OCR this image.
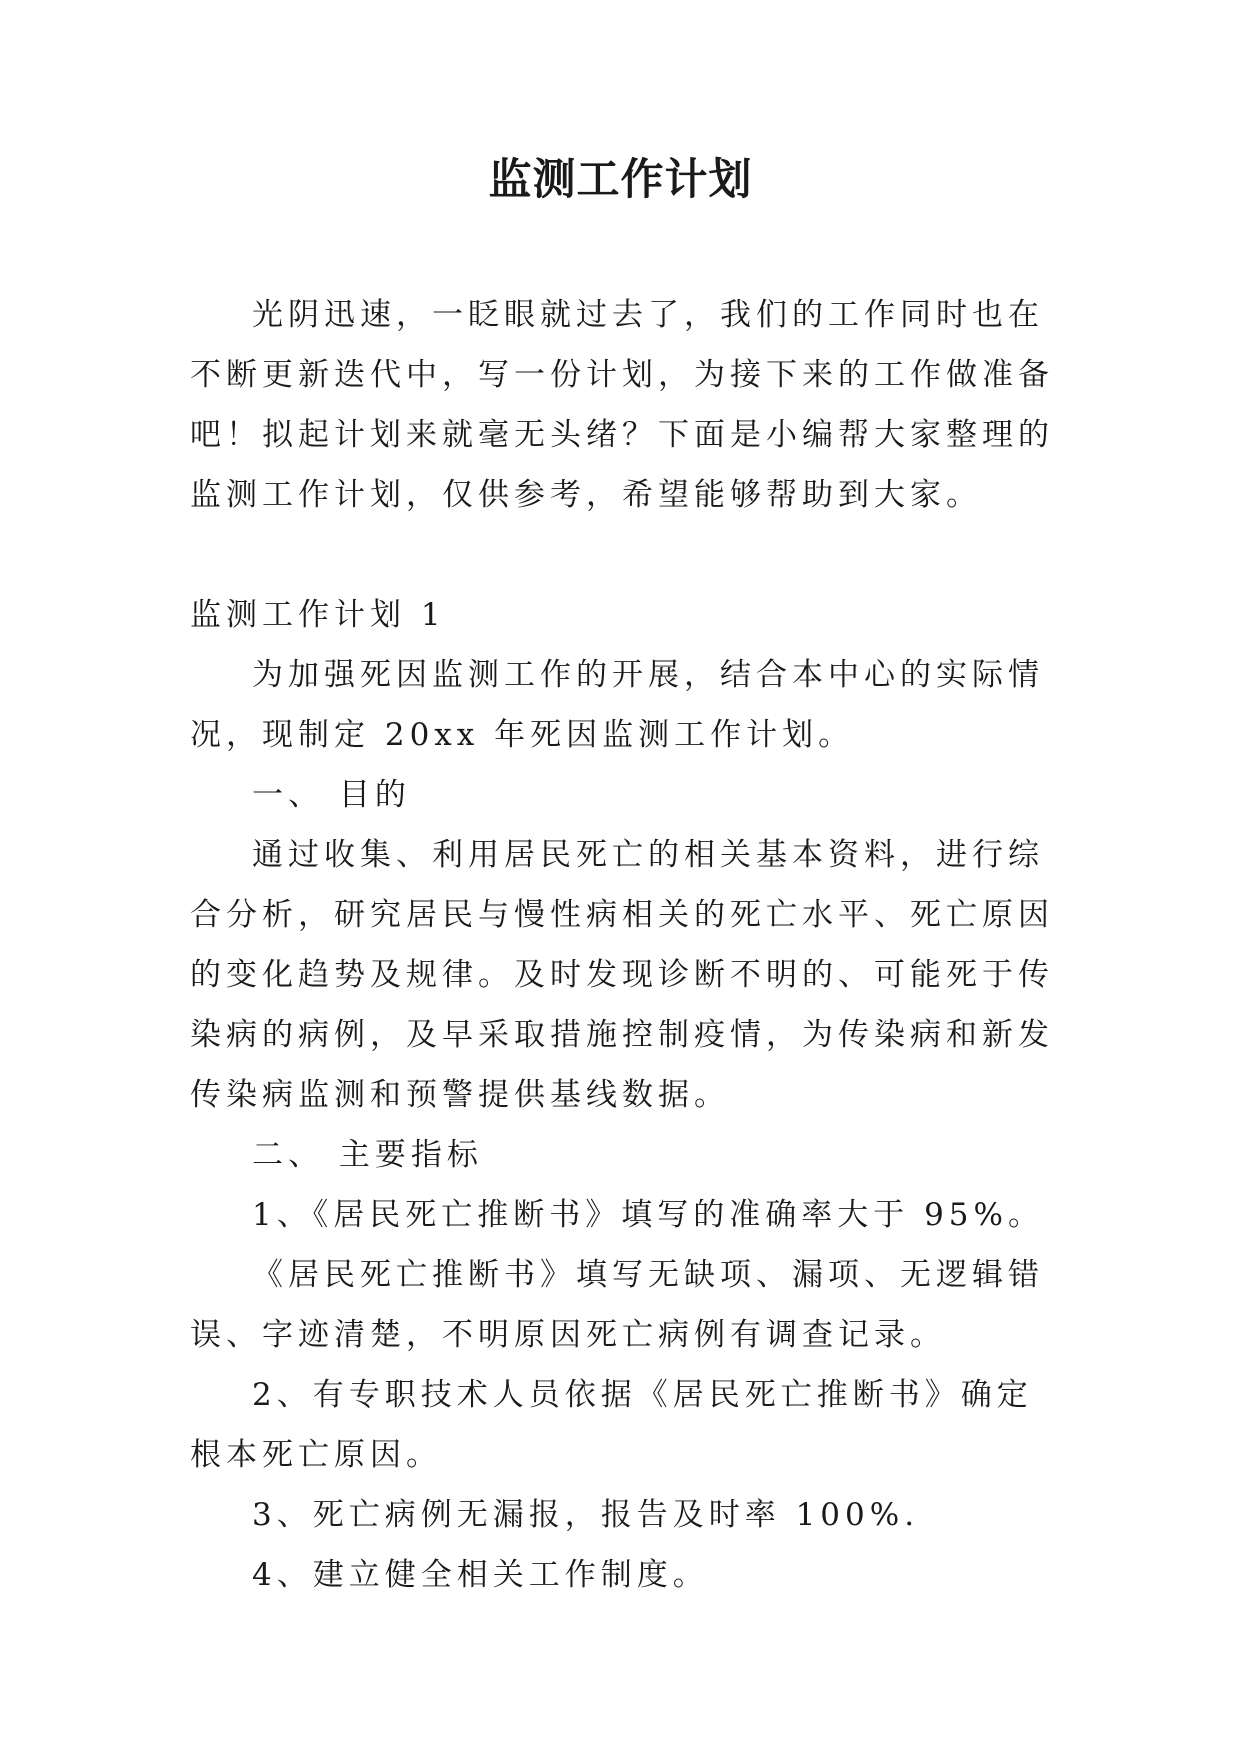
监测工作计划

光阴迅速，一眨眼就过去了，我们的工作同时也在不断更新迭代中，写一份计划，为接下来的工作做准备吧！拟起计划来就毫无头绪？下面是小编帮大家整理的监测工作计划，仅供参考，希望能够帮助到大家。

监测工作计划 1

为加强死因监测工作的开展，结合本中心的实际情况，现制定 20xx 年死因监测工作计划。

一、 目的

通过收集、利用居民死亡的相关基本资料，进行综合分析，研究居民与慢性病相关的死亡水平、死亡原因的变化趋势及规律。及时发现诊断不明的、可能死于传染病的病例，及早采取措施控制疫情，为传染病和新发传染病监测和预警提供基线数据。

二、 主要指标

1、《居民死亡推断书》填写的准确率大于 95%。

《居民死亡推断书》填写无缺项、漏项、无逻辑错误、字迹清楚，不明原因死亡病例有调查记录。

2、有专职技术人员依据《居民死亡推断书》确定根本死亡原因。

3、死亡病例无漏报，报告及时率 100%.

4、建立健全相关工作制度。
